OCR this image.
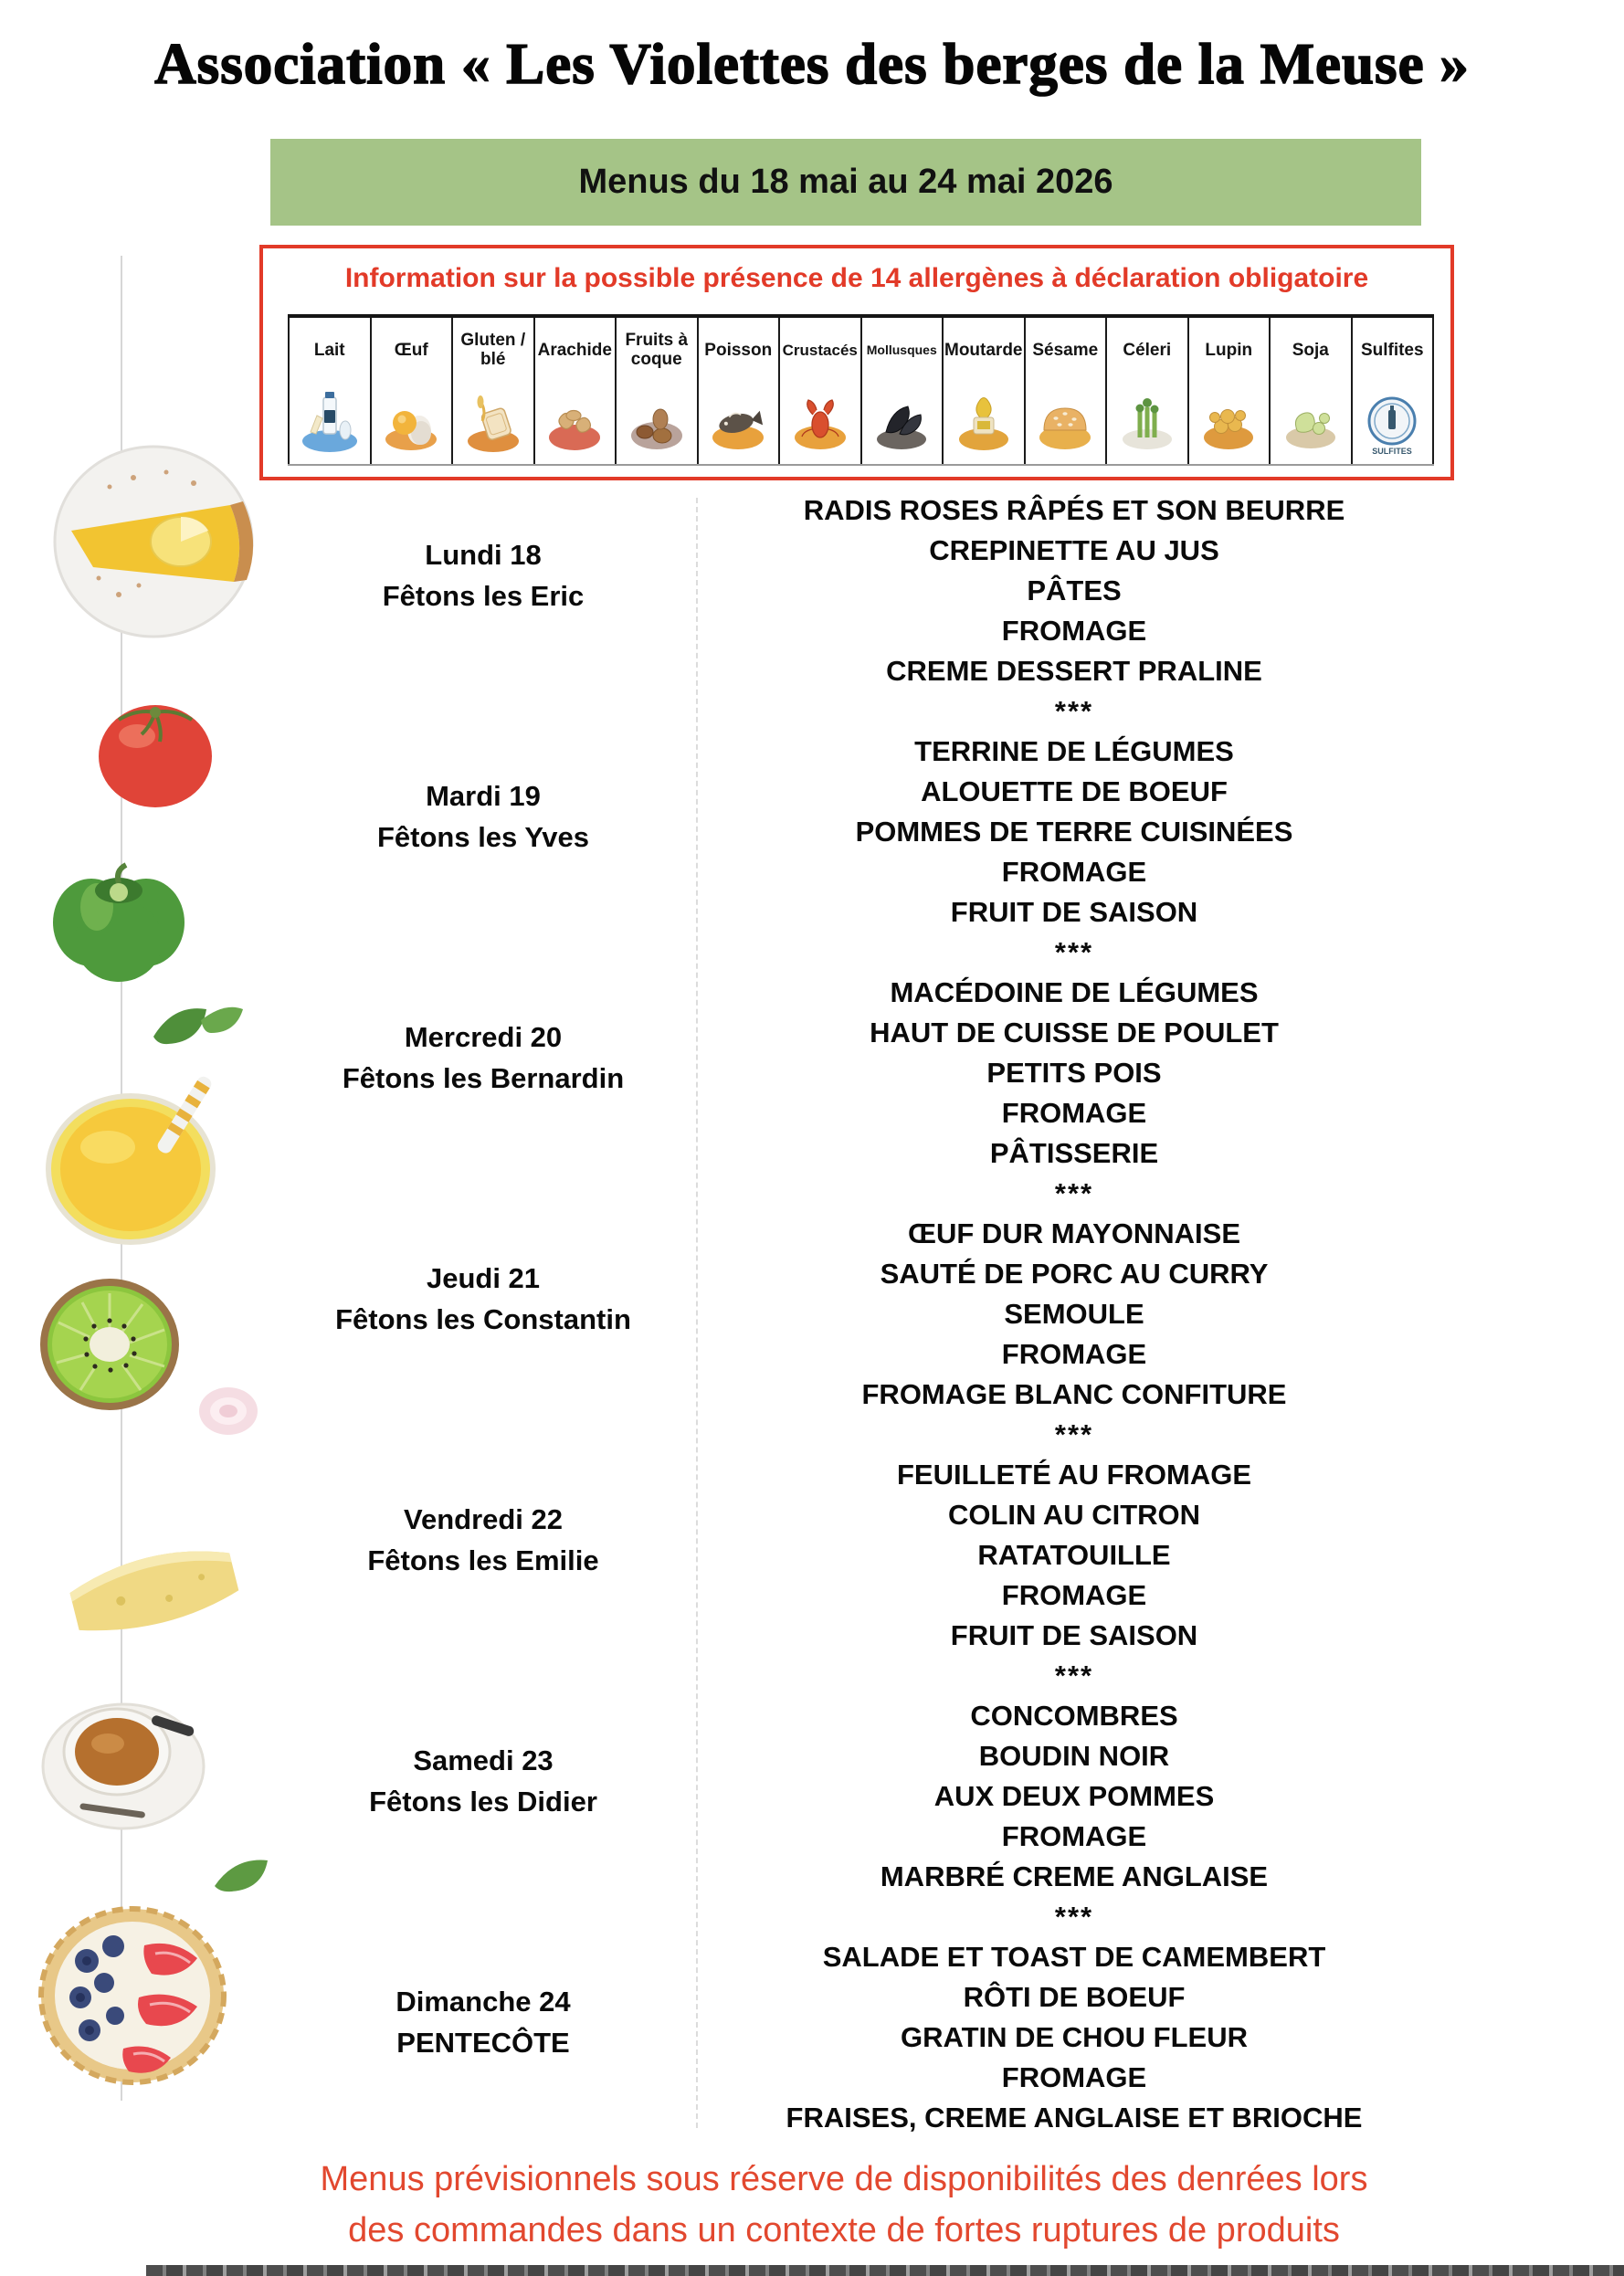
Association « Les Violettes des berges de la Meuse »
Menus du 18 mai au 24 mai 2026
Information sur la possible présence de 14 allergènes à déclaration obligatoire
Lait	Œuf	Gluten / blé	Arachide Fruits à coque	Poisson Crustacés Mollusques Moutarde Sésame	Céleri	Lupin	Soja	Sulfites
SULFITES
Lundi 18
Fêtons les Eric
RADIS ROSES RÂPÉS ET SON BEURRE
CREPINETTE AU JUS
PÂTES
FROMAGE
CREME DESSERT PRALINE
***
Mardi 19
Fêtons les Yves
TERRINE DE LÉGUMES
ALOUETTE DE BOEUF
POMMES DE TERRE CUISINÉES
FROMAGE
FRUIT DE SAISON
***
Mercredi 20
Fêtons les Bernardin
MACÉDOINE DE LÉGUMES
HAUT DE CUISSE DE POULET
PETITS POIS
FROMAGE
PÂTISSERIE
***
Jeudi 21
Fêtons les Constantin
ŒUF DUR MAYONNAISE
SAUTÉ DE PORC AU CURRY
SEMOULE
FROMAGE
FROMAGE BLANC CONFITURE
***
Vendredi 22
Fêtons les Emilie
FEUILLETÉ AU FROMAGE
COLIN AU CITRON
RATATOUILLE
FROMAGE
FRUIT DE SAISON
***
Samedi 23
Fêtons les Didier
CONCOMBRES
BOUDIN NOIR
AUX DEUX POMMES
FROMAGE
MARBRÉ CREME ANGLAISE
***
Dimanche 24
PENTECÔTE
SALADE ET TOAST DE CAMEMBERT
RÔTI DE BOEUF
GRATIN DE CHOU FLEUR
FROMAGE
FRAISES, CREME ANGLAISE ET BRIOCHE
Menus prévisionnels sous réserve de disponibilités des denrées lors
des commandes dans un contexte de fortes ruptures de produits
